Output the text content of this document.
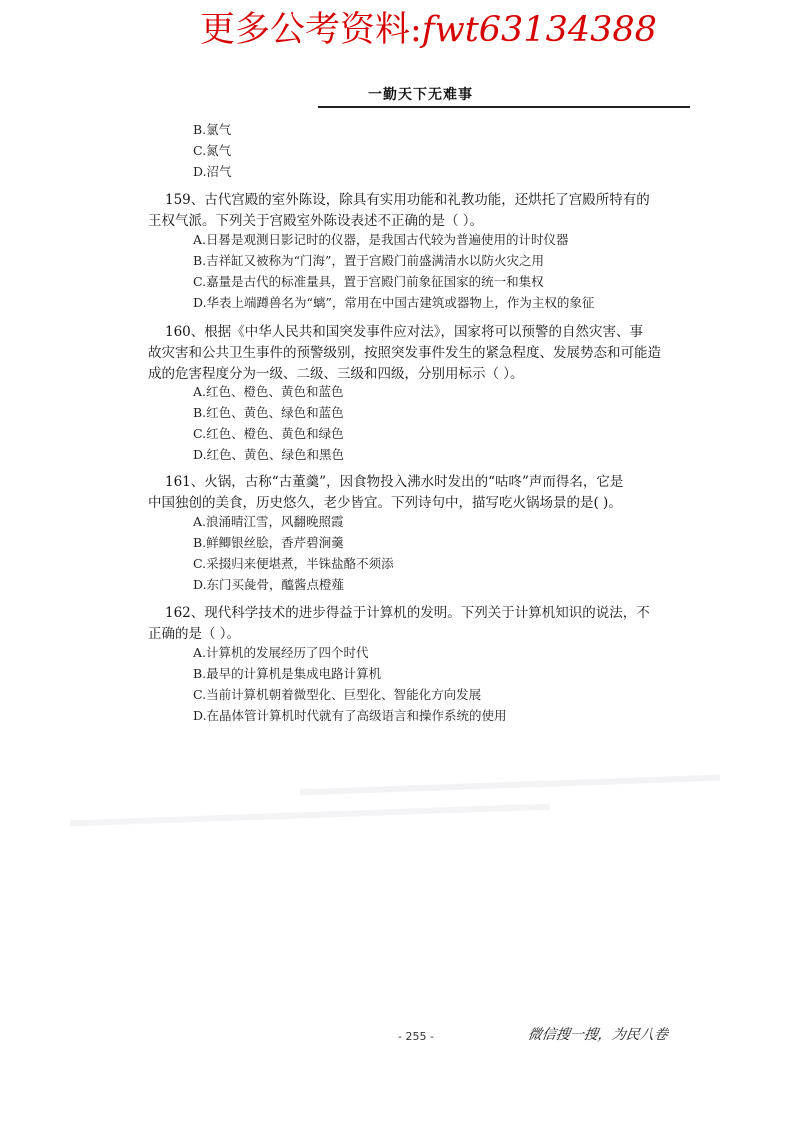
更多公考资料:fwt63134388
一勤天下无难事
B.氯气
C.氮气
D.沼气
159、古代宫殿的室外陈设，除具有实用功能和礼教功能，还烘托了宫殿所特有的
王权气派。下列关于宫殿室外陈设表述不正确的是（ ）。
A.日晷是观测日影记时的仪器，是我国古代较为普遍使用的计时仪器
B.吉祥缸又被称为“门海”，置于宫殿门前盛满清水以防火灾之用
C.嘉量是古代的标准量具，置于宫殿门前象征国家的统一和集权
D.华表上端蹲兽名为“螭”，常用在中国古建筑或器物上，作为主权的象征
160、根据《中华人民共和国突发事件应对法》，国家将可以预警的自然灾害、事
故灾害和公共卫生事件的预警级别，按照突发事件发生的紧急程度、发展势态和可能造
成的危害程度分为一级、二级、三级和四级，分别用标示（ ）。
A.红色、橙色、黄色和蓝色
B.红色、黄色、绿色和蓝色
C.红色、橙色、黄色和绿色
D.红色、黄色、绿色和黑色
161、火锅，古称“古董羹”，因食物投入沸水时发出的“咕咚”声而得名，它是
中国独创的美食，历史悠久，老少皆宜。下列诗句中，描写吃火锅场景的是( )。
A.浪涌晴江雪，风翻晚照霞
B.鲜鲫银丝脍，香芹碧涧羹
C.采掇归来便堪煮，半铢盐酪不须添
D.东门买彘骨，醯酱点橙薤
162、现代科学技术的进步得益于计算机的发明。下列关于计算机知识的说法，不
正确的是（ ）。
A.计算机的发展经历了四个时代
B.最早的计算机是集成电路计算机
C.当前计算机朝着微型化、巨型化、智能化方向发展
D.在晶体管计算机时代就有了高级语言和操作系统的使用
- 255 -	微信搜一搜，为民八卷
